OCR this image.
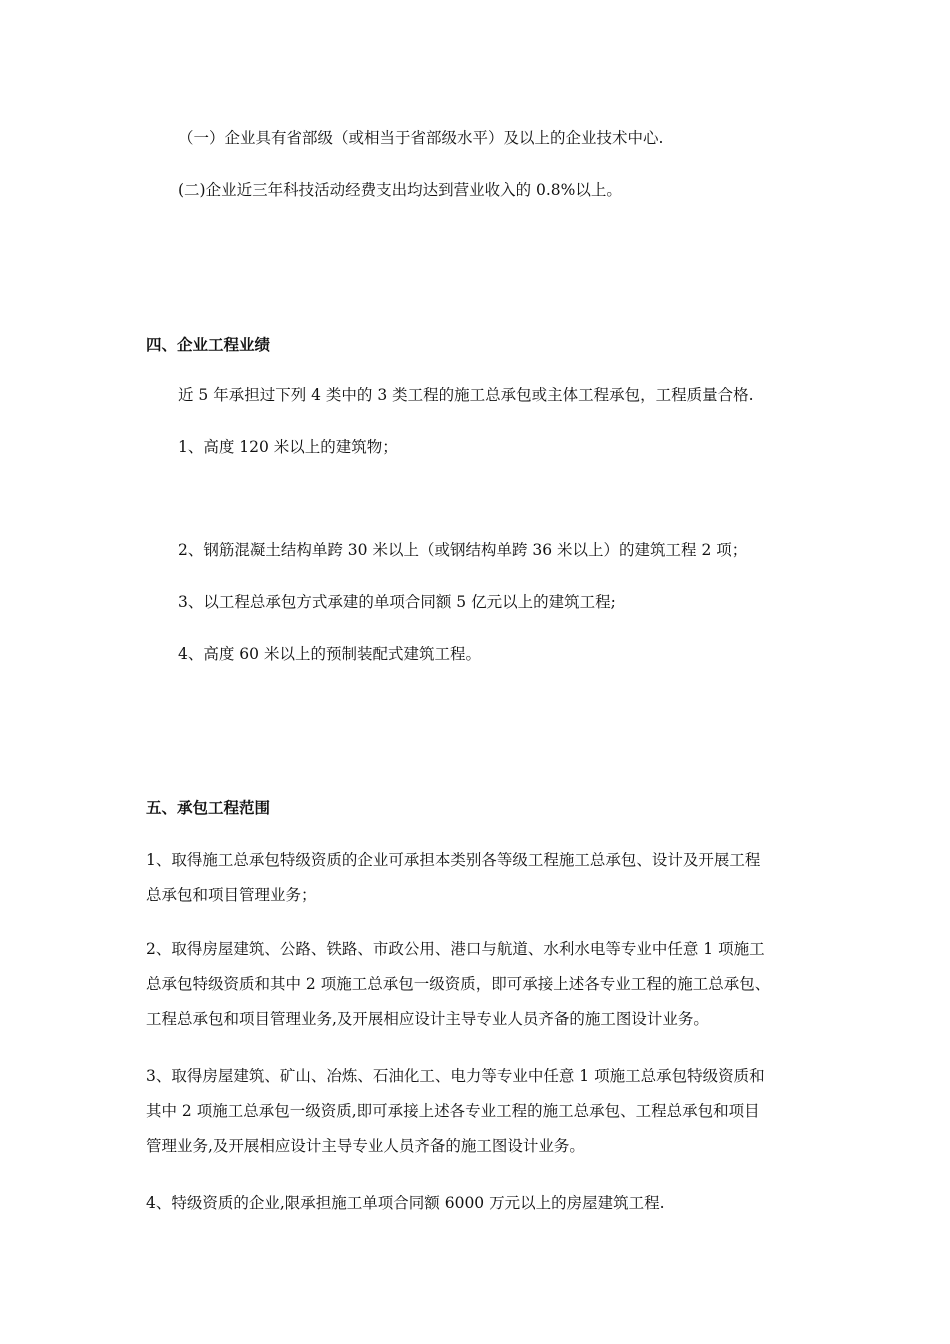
（一）企业具有省部级（或相当于省部级水平）及以上的企业技术中心.

(二)企业近三年科技活动经费支出均达到营业收入的 0.8%以上。

四、企业工程业绩

近 5 年承担过下列 4 类中的 3 类工程的施工总承包或主体工程承包，工程质量合格.

1、高度 120 米以上的建筑物；

2、钢筋混凝土结构单跨 30 米以上（或钢结构单跨 36 米以上）的建筑工程 2 项；

3、以工程总承包方式承建的单项合同额 5 亿元以上的建筑工程;

4、高度 60 米以上的预制装配式建筑工程。

五、承包工程范围

1、取得施工总承包特级资质的企业可承担本类别各等级工程施工总承包、设计及开展工程
总承包和项目管理业务；
2、取得房屋建筑、公路、铁路、市政公用、港口与航道、水利水电等专业中任意 1 项施工
总承包特级资质和其中 2 项施工总承包一级资质，即可承接上述各专业工程的施工总承包、
工程总承包和项目管理业务,及开展相应设计主导专业人员齐备的施工图设计业务。
3、取得房屋建筑、矿山、冶炼、石油化工、电力等专业中任意 1 项施工总承包特级资质和
其中 2 项施工总承包一级资质,即可承接上述各专业工程的施工总承包、工程总承包和项目
管理业务,及开展相应设计主导专业人员齐备的施工图设计业务。
4、特级资质的企业,限承担施工单项合同额 6000 万元以上的房屋建筑工程.
